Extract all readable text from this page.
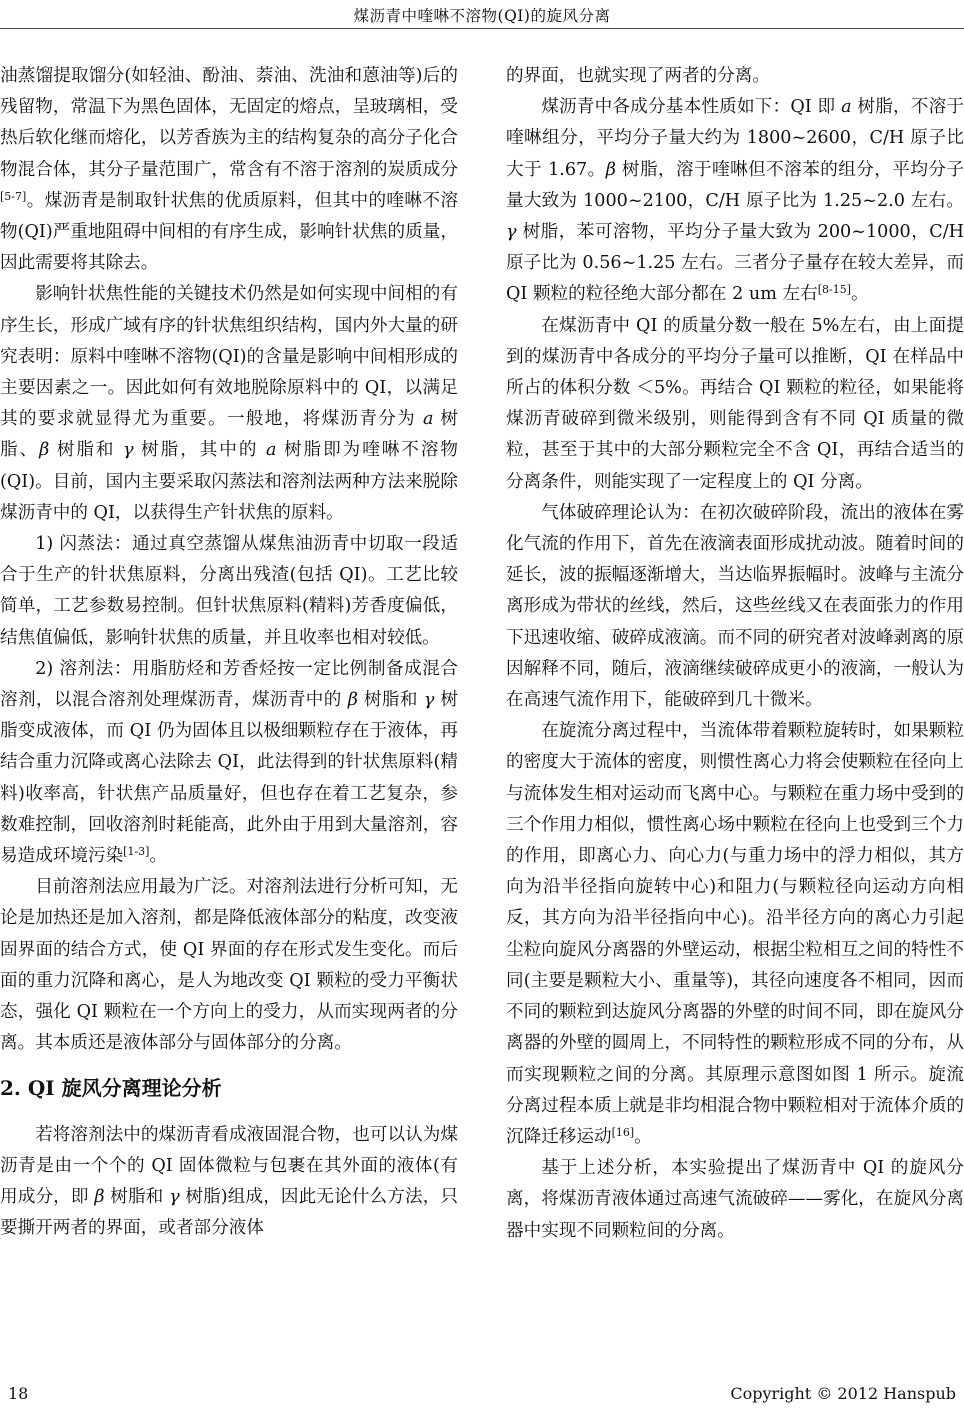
煤沥青中喹啉不溶物(QI)的旋风分离

油蒸馏提取馏分(如轻油、酚油、萘油、洗油和蒽油等)后的残留物，常温下为黑色固体，无固定的熔点，呈玻璃相，受热后软化继而熔化，以芳香族为主的结构复杂的高分子化合物混合体，其分子量范围广，常含有不溶于溶剂的炭质成分[5-7]。煤沥青是制取针状焦的优质原料，但其中的喹啉不溶物(QI)严重地阻碍中间相的有序生成，影响针状焦的质量，因此需要将其除去。

影响针状焦性能的关键技术仍然是如何实现中间相的有序生长，形成广域有序的针状焦组织结构，国内外大量的研究表明：原料中喹啉不溶物(QI)的含量是影响中间相形成的主要因素之一。因此如何有效地脱除原料中的 QI，以满足其的要求就显得尤为重要。一般地，将煤沥青分为 a 树脂、β 树脂和 γ 树脂，其中的 a 树脂即为喹啉不溶物(QI)。目前，国内主要采取闪蒸法和溶剂法两种方法来脱除煤沥青中的 QI，以获得生产针状焦的原料。

1) 闪蒸法：通过真空蒸馏从煤焦油沥青中切取一段适合于生产的针状焦原料，分离出残渣(包括 QI)。工艺比较简单，工艺参数易控制。但针状焦原料(精料)芳香度偏低，结焦值偏低，影响针状焦的质量，并且收率也相对较低。

2) 溶剂法：用脂肪烃和芳香烃按一定比例制备成混合溶剂，以混合溶剂处理煤沥青，煤沥青中的 β 树脂和 γ 树脂变成液体，而 QI 仍为固体且以极细颗粒存在于液体，再结合重力沉降或离心法除去 QI，此法得到的针状焦原料(精料)收率高，针状焦产品质量好，但也存在着工艺复杂，参数难控制，回收溶剂时耗能高，此外由于用到大量溶剂，容易造成环境污染[1-3]。

目前溶剂法应用最为广泛。对溶剂法进行分析可知，无论是加热还是加入溶剂，都是降低液体部分的粘度，改变液固界面的结合方式，使 QI 界面的存在形式发生变化。而后面的重力沉降和离心，是人为地改变 QI 颗粒的受力平衡状态，强化 QI 颗粒在一个方向上的受力，从而实现两者的分离。其本质还是液体部分与固体部分的分离。

2. QI 旋风分离理论分析

若将溶剂法中的煤沥青看成液固混合物，也可以认为煤沥青是由一个个的 QI 固体微粒与包裹在其外面的液体(有用成分，即 β 树脂和 γ 树脂)组成，因此无论什么方法，只要撕开两者的界面，或者部分液体

的界面，也就实现了两者的分离。

煤沥青中各成分基本性质如下：QI 即 a 树脂，不溶于喹啉组分，平均分子量大约为 1800~2600，C/H 原子比大于 1.67。β 树脂，溶于喹啉但不溶苯的组分，平均分子量大致为 1000~2100，C/H 原子比为 1.25~2.0 左右。γ 树脂，苯可溶物，平均分子量大致为 200~1000，C/H 原子比为 0.56~1.25 左右。三者分子量存在较大差异，而 QI 颗粒的粒径绝大部分都在 2 um 左右[8-15]。

在煤沥青中 QI 的质量分数一般在 5%左右，由上面提到的煤沥青中各成分的平均分子量可以推断，QI 在样品中所占的体积分数 ＜5%。再结合 QI 颗粒的粒径，如果能将煤沥青破碎到微米级别，则能得到含有不同 QI 质量的微粒，甚至于其中的大部分颗粒完全不含 QI，再结合适当的分离条件，则能实现了一定程度上的 QI 分离。

气体破碎理论认为：在初次破碎阶段，流出的液体在雾化气流的作用下，首先在液滴表面形成扰动波。随着时间的延长，波的振幅逐渐增大，当达临界振幅时。波峰与主流分离形成为带状的丝线，然后，这些丝线又在表面张力的作用下迅速收缩、破碎成液滴。而不同的研究者对波峰剥离的原因解释不同，随后，液滴继续破碎成更小的液滴，一般认为在高速气流作用下，能破碎到几十微米。

在旋流分离过程中，当流体带着颗粒旋转时，如果颗粒的密度大于流体的密度，则惯性离心力将会使颗粒在径向上与流体发生相对运动而飞离中心。与颗粒在重力场中受到的三个作用力相似，惯性离心场中颗粒在径向上也受到三个力的作用，即离心力、向心力(与重力场中的浮力相似，其方向为沿半径指向旋转中心)和阻力(与颗粒径向运动方向相反，其方向为沿半径指向中心)。沿半径方向的离心力引起尘粒向旋风分离器的外壁运动，根据尘粒相互之间的特性不同(主要是颗粒大小、重量等)，其径向速度各不相同，因而不同的颗粒到达旋风分离器的外壁的时间不同，即在旋风分离器的外壁的圆周上，不同特性的颗粒形成不同的分布，从而实现颗粒之间的分离。其原理示意图如图 1 所示。旋流分离过程本质上就是非均相混合物中颗粒相对于流体介质的沉降迁移运动[16]。

基于上述分析，本实验提出了煤沥青中 QI 的旋风分离，将煤沥青液体通过高速气流破碎——雾化，在旋风分离器中实现不同颗粒间的分离。

18	Copyright © 2012 Hanspub
